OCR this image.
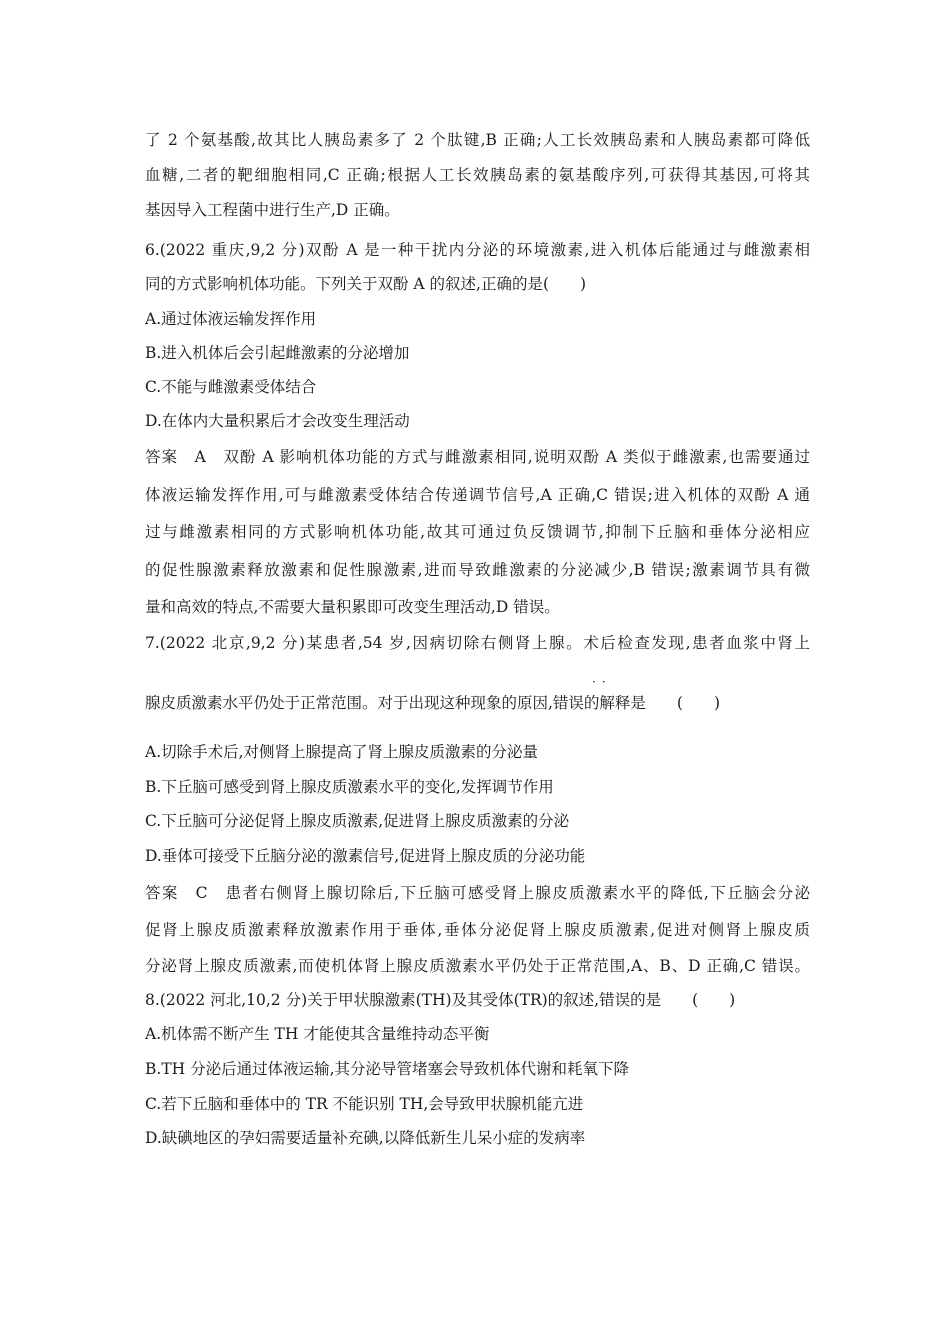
了 2 个氨基酸,故其比人胰岛素多了 2 个肽键,B 正确;人工长效胰岛素和人胰岛素都可降低
血糖,二者的靶细胞相同,C 正确;根据人工长效胰岛素的氨基酸序列,可获得其基因,可将其
基因导入工程菌中进行生产,D 正确。
6.(2022 重庆,9,2 分)双酚 A 是一种干扰内分泌的环境激素,进入机体后能通过与雌激素相
同的方式影响机体功能。下列关于双酚 A 的叙述,正确的是(　　)
A.通过体液运输发挥作用
B.进入机体后会引起雌激素的分泌增加
C.不能与雌激素受体结合
D.在体内大量积累后才会改变生理活动
答案　A　双酚 A 影响机体功能的方式与雌激素相同,说明双酚 A 类似于雌激素,也需要通过
体液运输发挥作用,可与雌激素受体结合传递调节信号,A 正确,C 错误;进入机体的双酚 A 通
过与雌激素相同的方式影响机体功能,故其可通过负反馈调节,抑制下丘脑和垂体分泌相应
的促性腺激素释放激素和促性腺激素,进而导致雌激素的分泌减少,B 错误;激素调节具有微
量和高效的特点,不需要大量积累即可改变生理活动,D 错误。
7.(2022 北京,9,2 分)某患者,54 岁,因病切除右侧肾上腺。术后检查发现,患者血浆中肾上
··
腺皮质激素水平仍处于正常范围。对于出现这种现象的原因,错误的解释是　　(　　)
A.切除手术后,对侧肾上腺提高了肾上腺皮质激素的分泌量
B.下丘脑可感受到肾上腺皮质激素水平的变化,发挥调节作用
C.下丘脑可分泌促肾上腺皮质激素,促进肾上腺皮质激素的分泌
D.垂体可接受下丘脑分泌的激素信号,促进肾上腺皮质的分泌功能
答案　C　患者右侧肾上腺切除后,下丘脑可感受肾上腺皮质激素水平的降低,下丘脑会分泌
促肾上腺皮质激素释放激素作用于垂体,垂体分泌促肾上腺皮质激素,促进对侧肾上腺皮质
分泌肾上腺皮质激素,而使机体肾上腺皮质激素水平仍处于正常范围,A、B、D 正确,C 错误。
8.(2022 河北,10,2 分)关于甲状腺激素(TH)及其受体(TR)的叙述,错误的是　　(　　)
A.机体需不断产生 TH 才能使其含量维持动态平衡
B.TH 分泌后通过体液运输,其分泌导管堵塞会导致机体代谢和耗氧下降
C.若下丘脑和垂体中的 TR 不能识别 TH,会导致甲状腺机能亢进
D.缺碘地区的孕妇需要适量补充碘,以降低新生儿呆小症的发病率
